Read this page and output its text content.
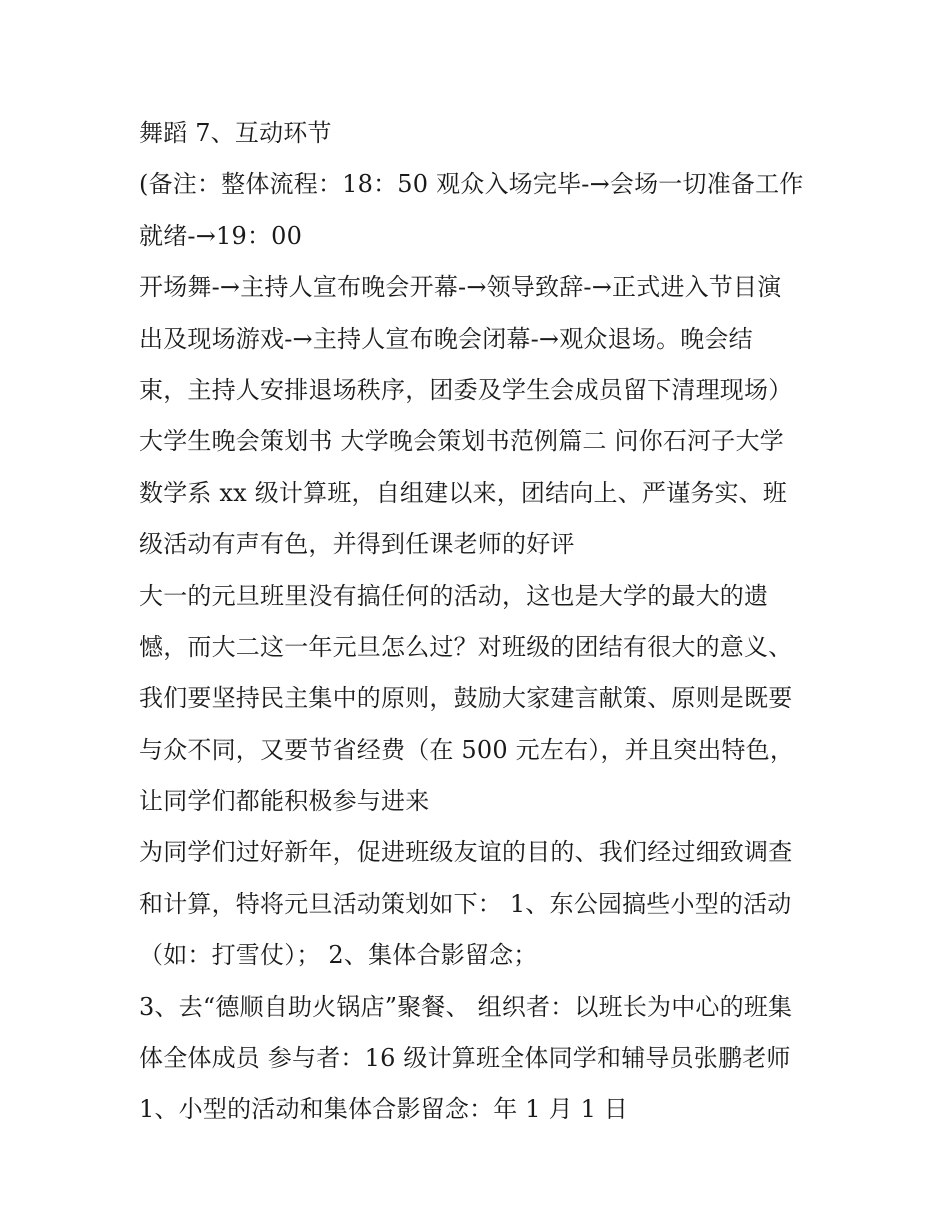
舞蹈 7、互动环节
(备注：整体流程：18：50 观众入场完毕-→会场一切准备工作
就绪-→19：00
开场舞-→主持人宣布晚会开幕-→领导致辞-→正式进入节目演
出及现场游戏-→主持人宣布晚会闭幕-→观众退场。晚会结
束，主持人安排退场秩序，团委及学生会成员留下清理现场）
大学生晚会策划书 大学晚会策划书范例篇二 问你石河子大学
数学系 xx 级计算班，自组建以来，团结向上、严谨务实、班
级活动有声有色，并得到任课老师的好评
大一的元旦班里没有搞任何的活动，这也是大学的最大的遗
憾，而大二这一年元旦怎么过？对班级的团结有很大的意义、
我们要坚持民主集中的原则，鼓励大家建言献策、原则是既要
与众不同，又要节省经费（在 500 元左右），并且突出特色，
让同学们都能积极参与进来
为同学们过好新年，促进班级友谊的目的、我们经过细致调查
和计算，特将元旦活动策划如下： 1、东公园搞些小型的活动
（如：打雪仗）； 2、集体合影留念；
3、去“德顺自助火锅店”聚餐、 组织者：以班长为中心的班集
体全体成员 参与者：16 级计算班全体同学和辅导员张鹏老师
1、小型的活动和集体合影留念：年 1 月 1 日
